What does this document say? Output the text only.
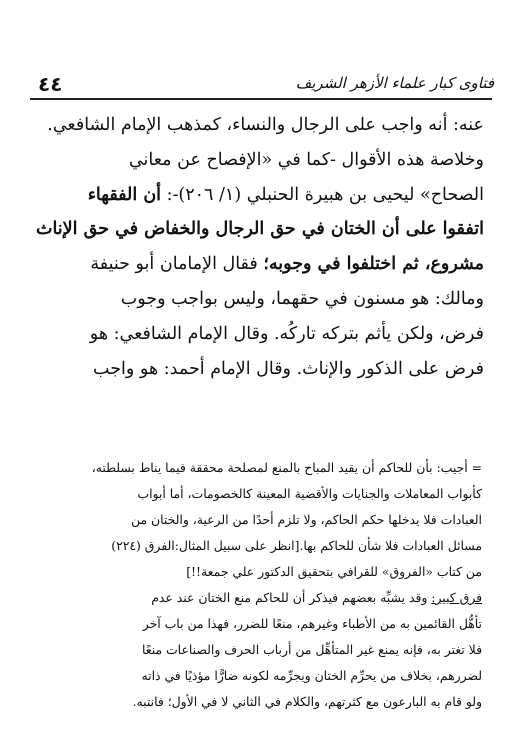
٤٤	فتاوى كبار علماء الأزهر الشريف
عنه: أنه واجب على الرجال والنساء، كمذهب الإمام الشافعي.
وخلاصة هذه الأقوال -كما في «الإفصاح عن معاني
الصحاح» ليحيى بن هبيرة الحنبلي (١/ ٢٠٦)-: أن الفقهاء
اتفقوا على أن الختان في حق الرجال والخفاض في حق الإناث
مشروع، ثم اختلفوا في وجوبه؛ فقال الإمامان أبو حنيفة
ومالك: هو مسنون في حقهما، وليس بواجب وجوب
فرض، ولكن يأثم بتركه تاركُه. وقال الإمام الشافعي: هو
فرض على الذكور والإناث. وقال الإمام أحمد: هو واجب
= أجيب: بأن للحاكم أن يقيد المباح بالمنع لمصلحة محققة فيما يناط بسلطته،
كأبواب المعاملات والجنايات والأقضية المعينة كالخصومات، أما أبواب
العبادات فلا يدخلها حكم الحاكم، ولا تلزم أحدًا من الرعية، والختان من
مسائل العبادات فلا شأن للحاكم بها.[انظر على سبيل المثال:الفرق (٢٢٤)
من كتاب «الفروق» للقرافي بتحقيق الدكتور علي جمعة!!]
فرق كبير: وقد يشبِّه بعضهم فيذكر أن للحاكم منع الختان عند عدم
تأهُّل القائمين به من الأطباء وغيرهم، منعًا للضرر، فهذا من باب آخر
فلا تغتر به، فإنه يمنع غير المتأهِّل من أرباب الحرف والصناعات منعًا
لضررهم، بخلاف من يحرِّم الختان ويجرِّمه لكونه ضارًّا مؤذيًا في ذاته
ولو قام به البارعون مع كثرتهم، والكلام في الثاني لا في الأول؛ فانتبه.
